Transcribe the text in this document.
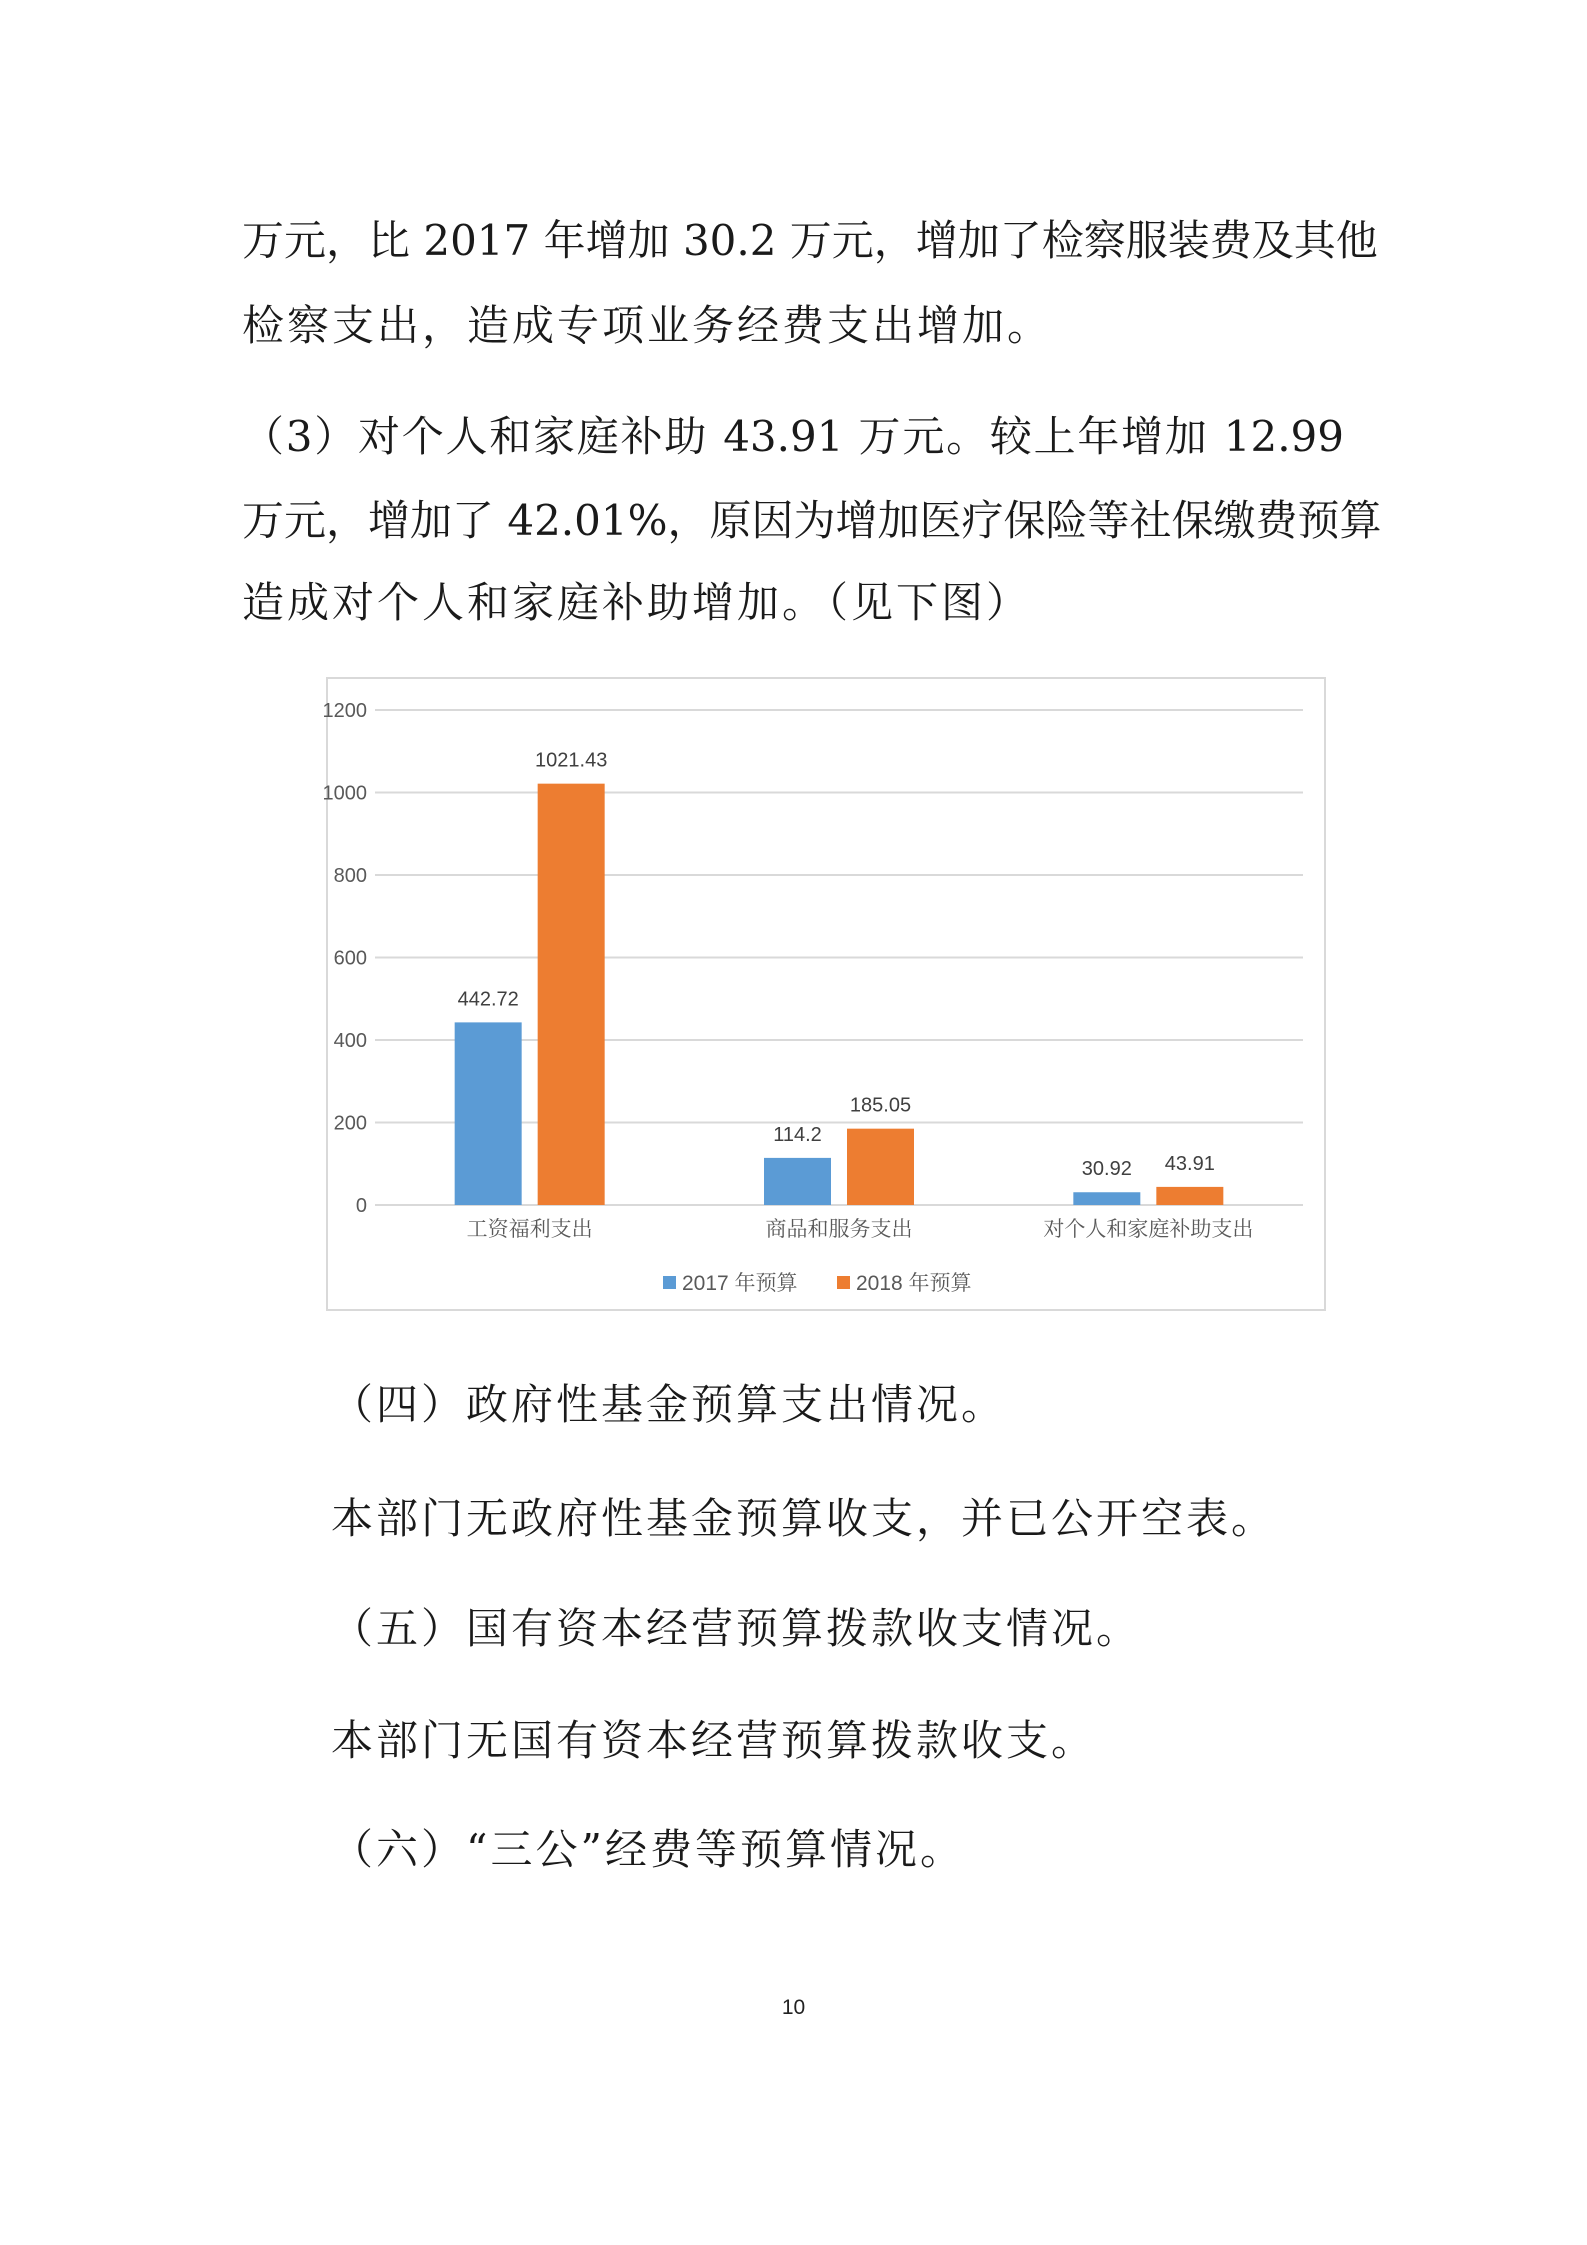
万元，比 2017 年增加 30.2 万元，增加了检察服装费及其他
检察支出，造成专项业务经费支出增加。
（3）对个人和家庭补助 43.91 万元。较上年增加 12.99
万元，增加了 42.01%，原因为增加医疗保险等社保缴费预算
造成对个人和家庭补助增加。（见下图）
0
200
400
600
800
1000
1200
442.72
1021.43
工资福利支出
114.2
185.05
商品和服务支出
30.92 43.91
对个人和家庭补助支出
2017 年预算	2018 年预算
（四）政府性基金预算支出情况。
本部门无政府性基金预算收支，并已公开空表。
（五）国有资本经营预算拨款收支情况。
本部门无国有资本经营预算拨款收支。
（六）“三公”经费等预算情况。
10
